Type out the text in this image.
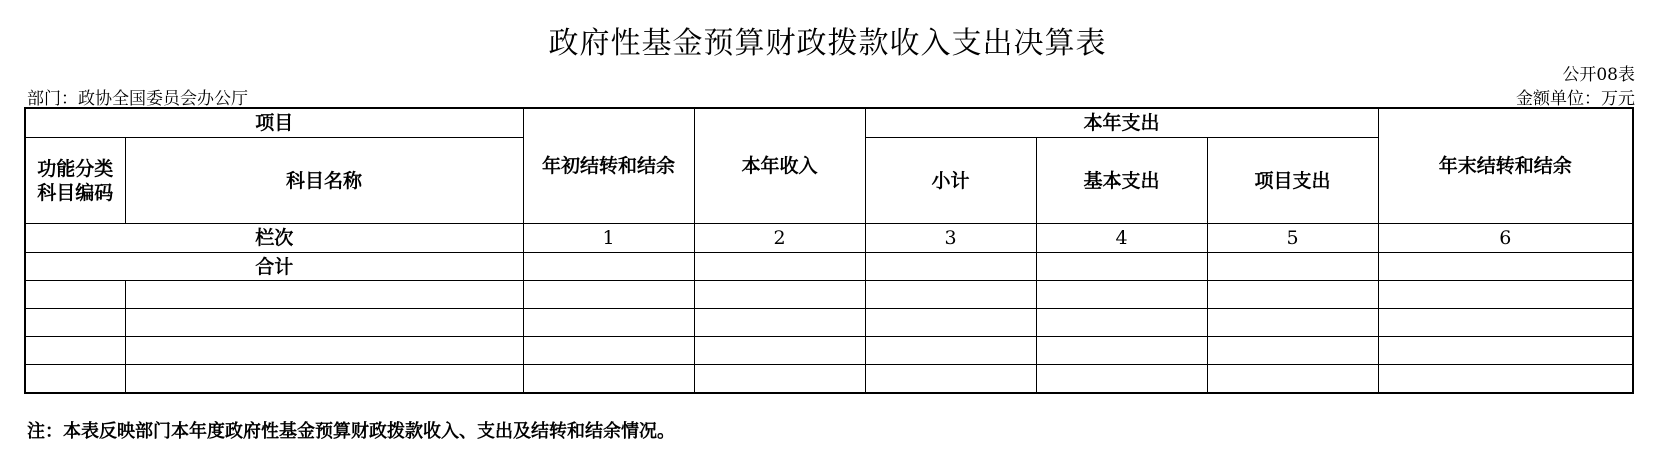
政府性基金预算财政拨款收入支出决算表
公开08表
部门：政协全国委员会办公厅	金额单位：万元
项目		年初结转和结余	本年收入	本年支出			年末结转和结余
功能分类
科目编码	科目名称			小计	基本支出	项目支出	
栏次		1	2	3	4	5	6
合计							

注：本表反映部门本年度政府性基金预算财政拨款收入、支出及结转和结余情况。
